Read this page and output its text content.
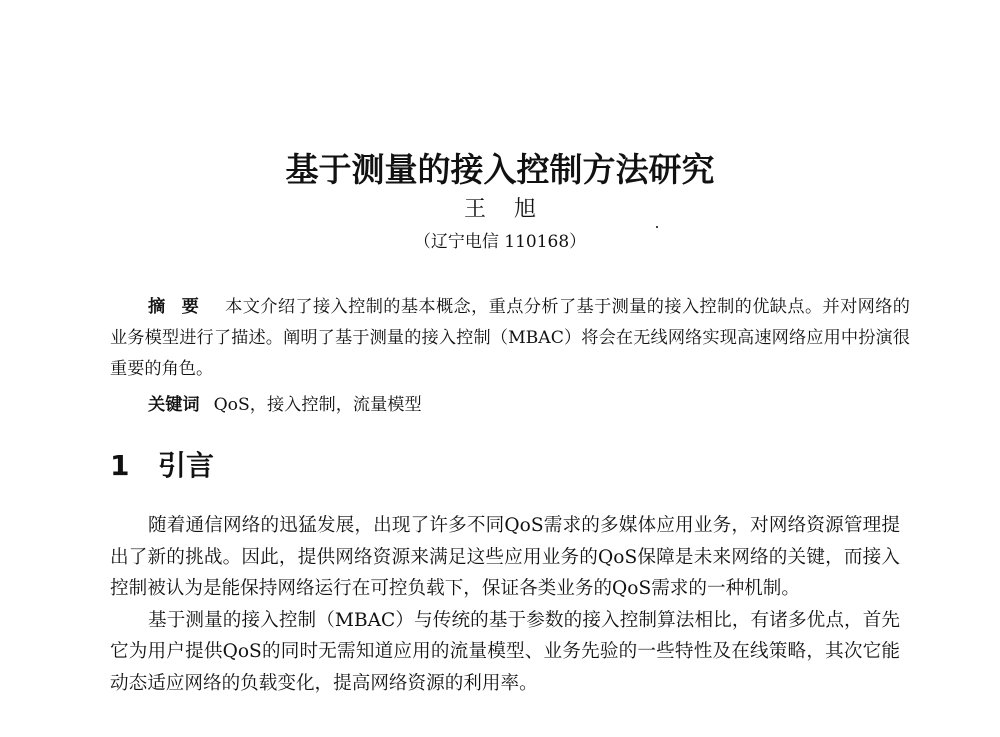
基于测量的接入控制方法研究
王 旭
（辽宁电信 110168）
摘要 本文介绍了接入控制的基本概念，重点分析了基于测量的接入控制的优缺点。并对网络的业务模型进行了描述。阐明了基于测量的接入控制（MBAC）将会在无线网络实现高速网络应用中扮演很重要的角色。
关键词 QoS，接入控制，流量模型
1 引言

随着通信网络的迅猛发展，出现了许多不同QoS需求的多媒体应用业务，对网络资源管理提出了新的挑战。因此，提供网络资源来满足这些应用业务的QoS保障是未来网络的关键，而接入控制被认为是能保持网络运行在可控负载下，保证各类业务的QoS需求的一种机制。

基于测量的接入控制（MBAC）与传统的基于参数的接入控制算法相比，有诸多优点，首先它为用户提供QoS的同时无需知道应用的流量模型、业务先验的一些特性及在线策略，其次它能动态适应网络的负载变化，提高网络资源的利用率。
